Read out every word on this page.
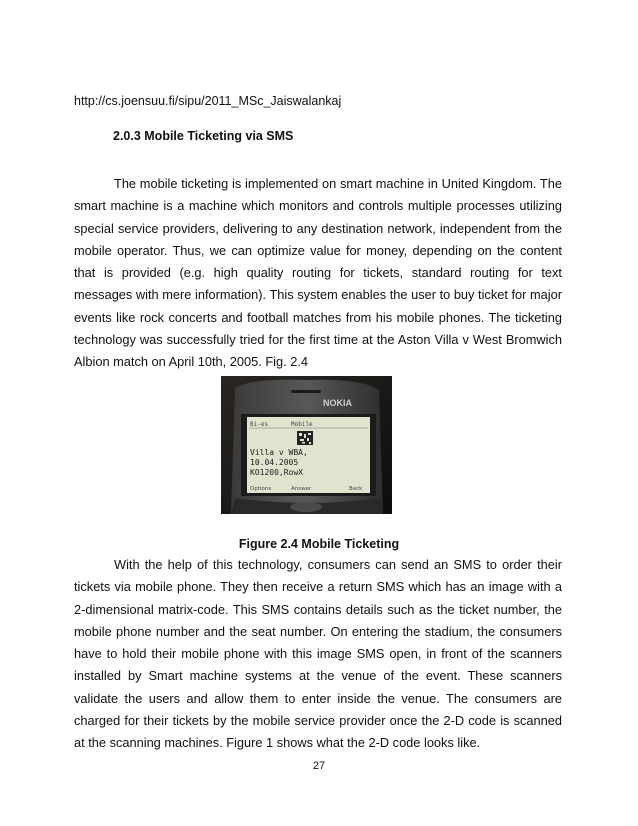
http://cs.joensuu.fi/sipu/2011_MSc_Jaiswalankaj
2.0.3 Mobile Ticketing via SMS
The mobile ticketing is implemented on smart machine in United Kingdom. The smart machine is a machine which monitors and controls multiple processes utilizing special service providers, delivering to any destination network, independent from the mobile operator. Thus, we can optimize value for money, depending on the content that is provided (e.g. high quality routing for tickets, standard routing for text messages with mere information). This system enables the user to buy ticket for major events like rock concerts and football matches from his mobile phones. The ticketing technology was successfully tried for the first time at the Aston Villa v West Bromwich Albion match on April 10th, 2005. Fig. 2.4
NOKIA
Bi-es	Mobile
Villa v WBA,
10.04.2005
KO1200,RowX
Options	Answer	Back
Figure 2.4 Mobile Ticketing
With the help of this technology, consumers can send an SMS to order their tickets via mobile phone. They then receive a return SMS which has an image with a 2-dimensional matrix-code. This SMS contains details such as the ticket number, the mobile phone number and the seat number. On entering the stadium, the consumers have to hold their mobile phone with this image SMS open, in front of the scanners installed by Smart machine systems at the venue of the event. These scanners validate the users and allow them to enter inside the venue. The consumers are charged for their tickets by the mobile service provider once the 2-D code is scanned at the scanning machines. Figure 1 shows what the 2-D code looks like.
27
